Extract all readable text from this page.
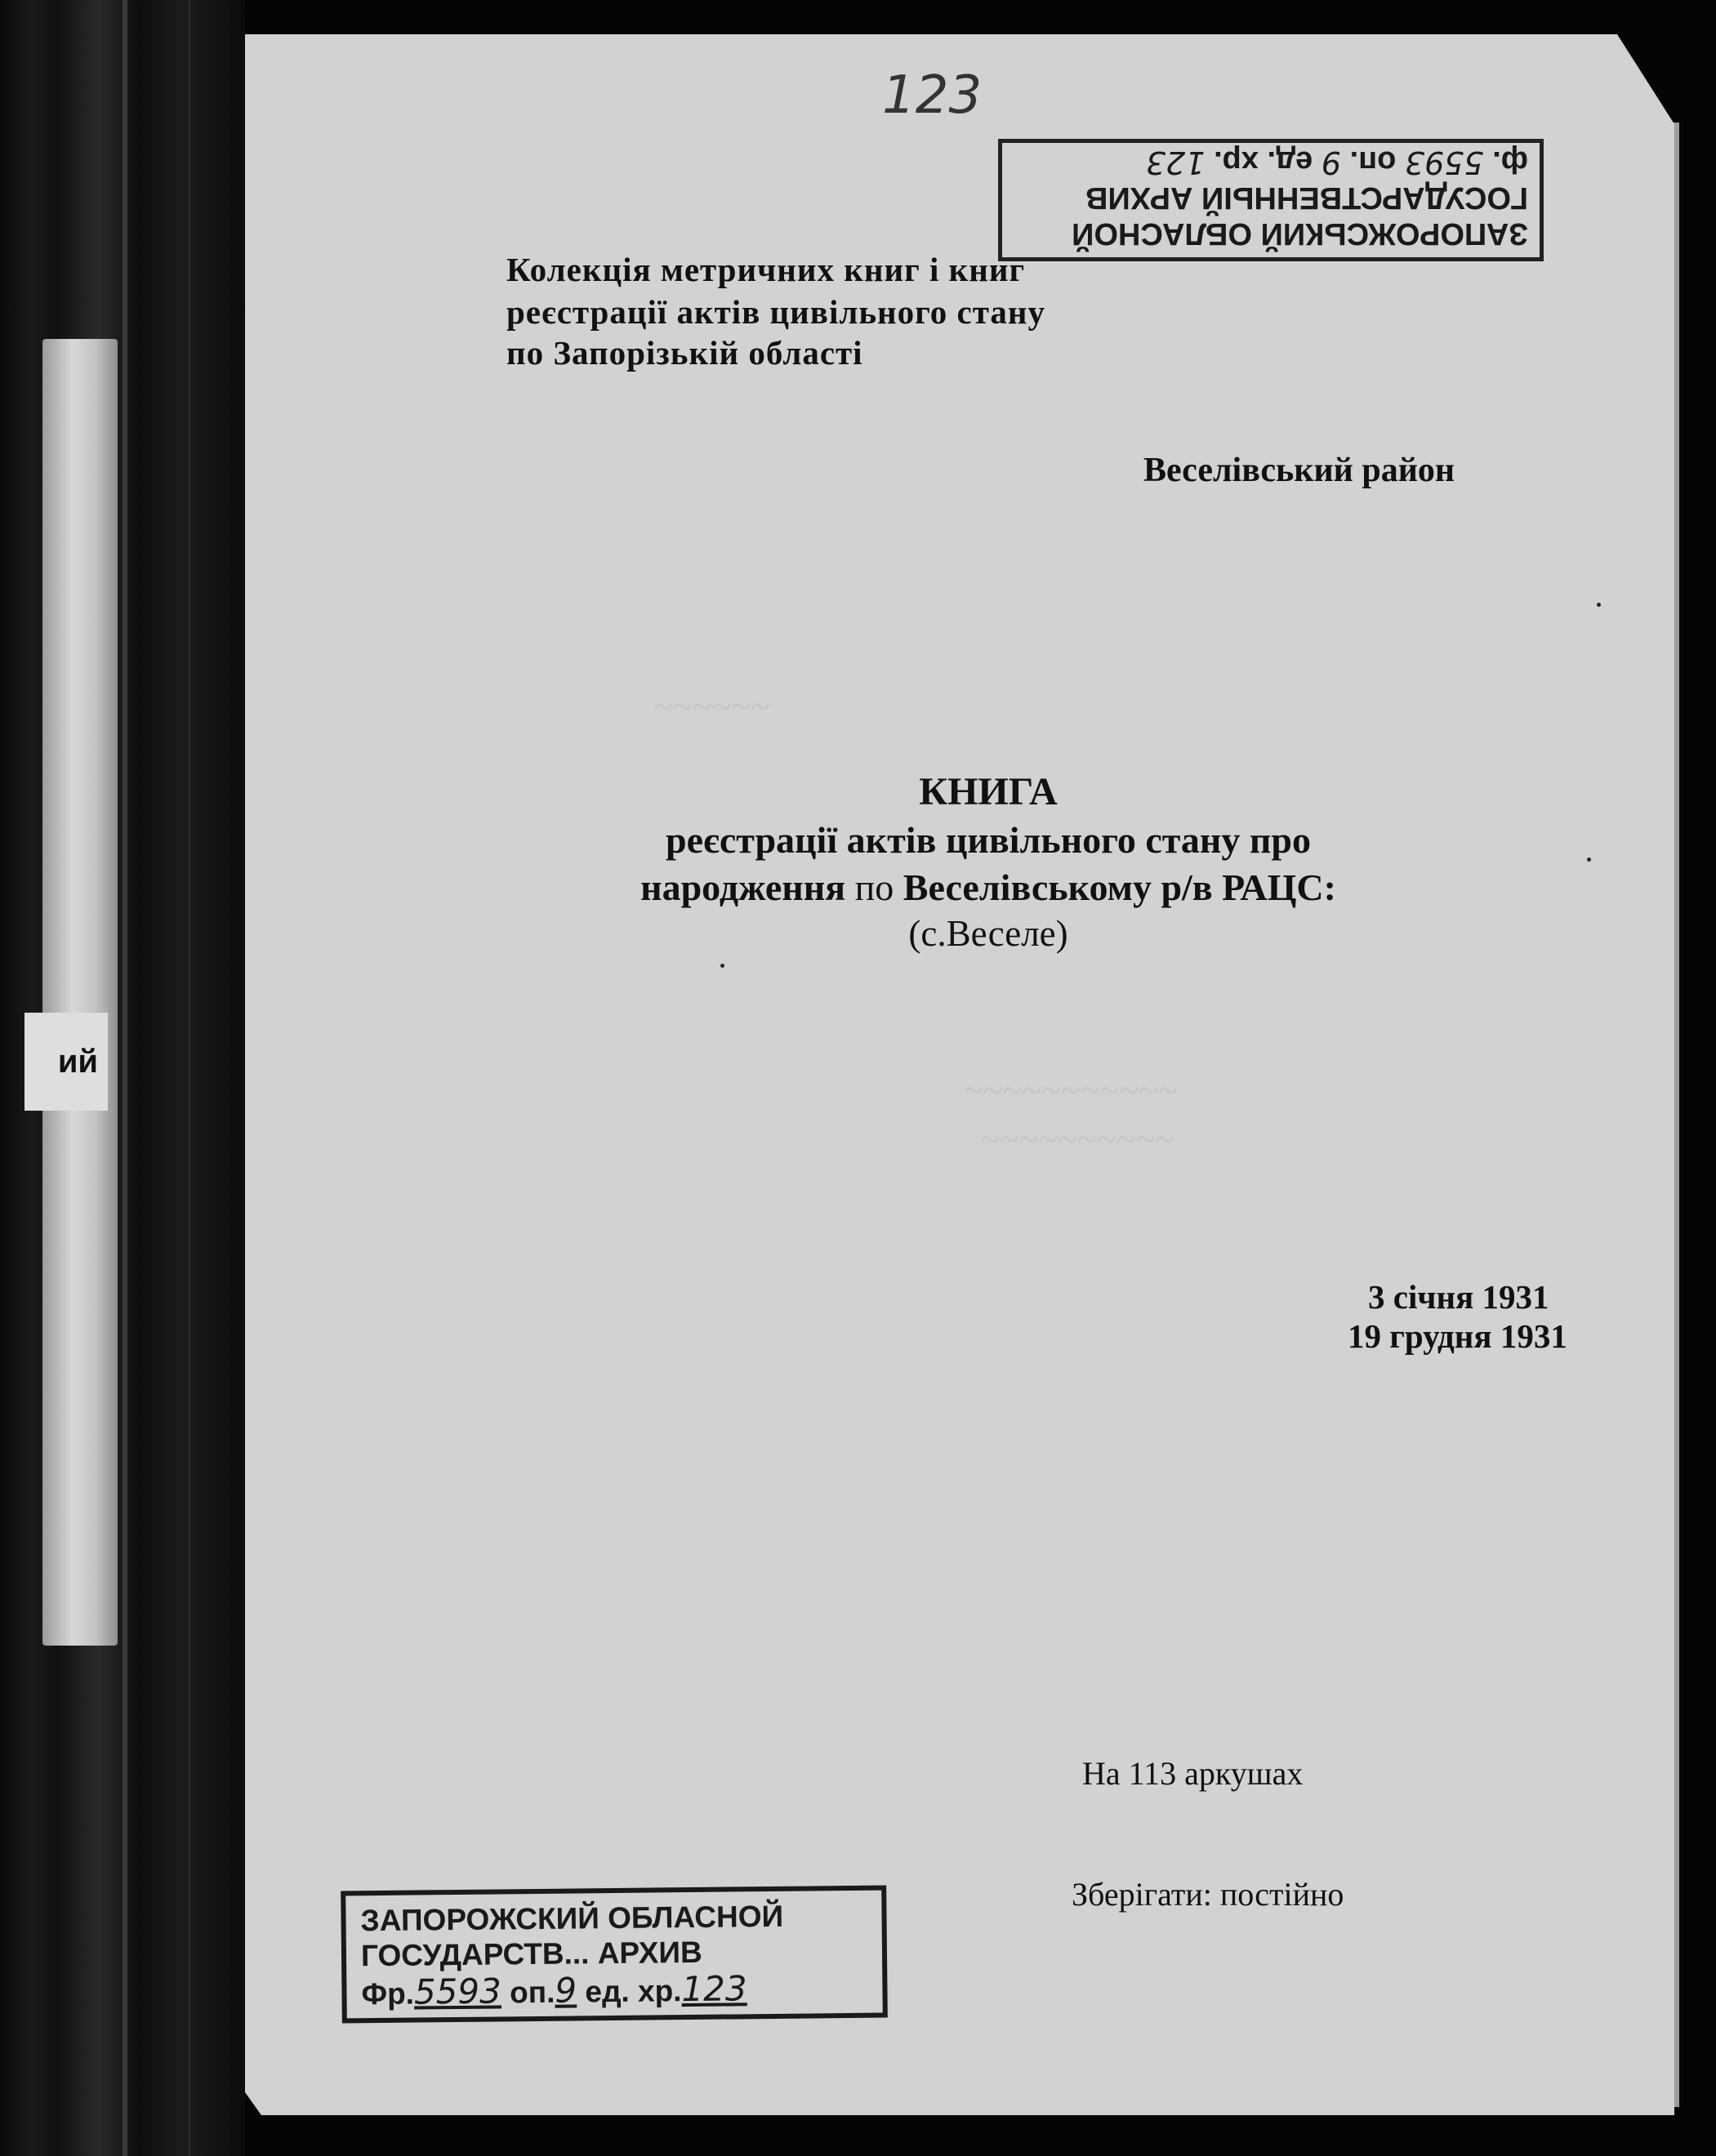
ий
~~~~~~
~~~~~~~~~~~
~~~~~~~~~~
123
ЗАПОРОЖСЬКИЙ ОБЛАСНОЙ
ГОСУДАРСТВЕННЫЙ АРХИВ
ф. 5593 оп. 9 ед. хр. 123
Колекція метричних книг і книг
реєстрації актів цивільного стану
по Запорізькій області
Веселівський район
КНИГА
реєстрації актів цивільного стану про
народження по Веселівському р/в РАЦС:
(с.Веселе)
3 січня 1931
19 грудня 1931
На 113 аркушах
Зберігати: постійно
ЗАПОРОЖСКИЙ ОБЛАСНОЙ
ГОСУДАРСТВ... АРХИВ
Фр.5593 оп.9 ед. хр.123
